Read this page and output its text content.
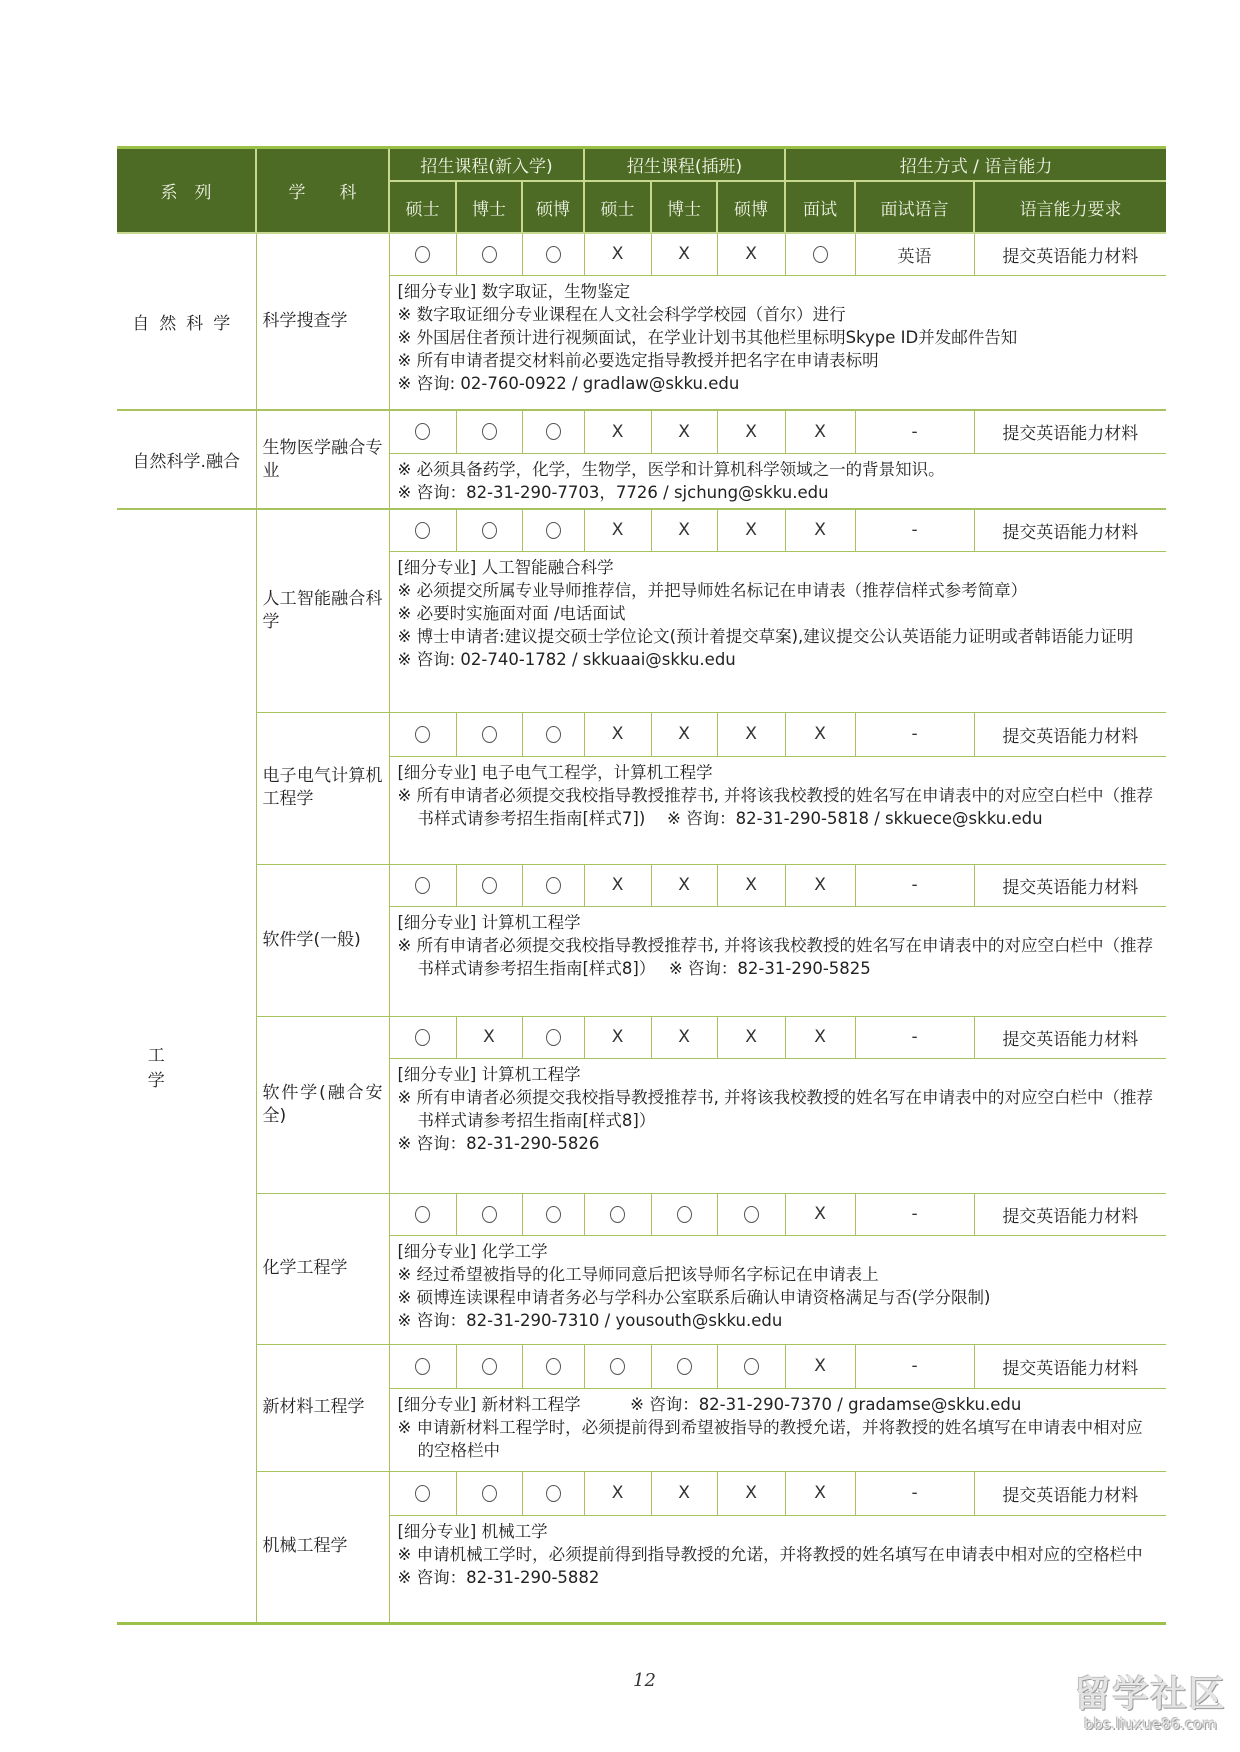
系　列	学　　科	招生课程(新入学)			招生课程(插班)			招生方式 / 语言能力		
		硕士	博士	硕博	硕士	博士	硕博	面试	面试语言	语言能力要求
自然科学	科学搜查学				X	X	X		英语	提交英语能力材料

		[细分专业] 数字取证，生物鉴定
※ 数字取证细分专业课程在人文社会科学学校园（首尔）进行
※ 外国居住者预计进行视频面试，在学业计划书其他栏里标明Skype ID并发邮件告知
※ 所有申请者提交材料前必要选定指导教授并把名字在申请表标明
※ 咨询: 02-760-0922 / gradlaw@skku.edu								

自然科学.融合	生物医学融合专业				X	X	X	X	-	提交英语能力材料

		※ 必须具备药学，化学，生物学，医学和计算机科学领域之一的背景知识。
※ 咨询：82-31-290-7703，7726 / sjchung@skku.edu								

工学	人工智能融合科学				X	X	X	X	-	提交英语能力材料

		[细分专业] 人工智能融合科学
※ 必须提交所属专业导师推荐信，并把导师姓名标记在申请表（推荐信样式参考简章）
※ 必要时实施面对面 /电话面试
※ 博士申请者:建议提交硕士学位论文(预计着提交草案),建议提交公认英语能力证明或者韩语能力证明
※ 咨询: 02-740-1782 / skkuaai@skku.edu								

	电子电气计算机工程学				X	X	X	X	-	提交英语能力材料

		[细分专业] 电子电气工程学，计算机工程学
※ 所有申请者必须提交我校指导教授推荐书, 并将该我校教授的姓名写在申请表中的对应空白栏中（推荐书样式请参考招生指南[样式7])　 ※ 咨询：82-31-290-5818 / skkuece@skku.edu								

	软件学(一般)				X	X	X	X	-	提交英语能力材料

		[细分专业] 计算机工程学
※ 所有申请者必须提交我校指导教授推荐书, 并将该我校教授的姓名写在申请表中的对应空白栏中（推荐书样式请参考招生指南[样式8]）　 ※ 咨询：82-31-290-5825								

	软件学(融合安全)		X		X	X	X	X	-	提交英语能力材料

		[细分专业] 计算机工程学
※ 所有申请者必须提交我校指导教授推荐书, 并将该我校教授的姓名写在申请表中的对应空白栏中（推荐书样式请参考招生指南[样式8]）
※ 咨询：82-31-290-5826								

	化学工程学							X	-	提交英语能力材料

		[细分专业] 化学工学
※ 经过希望被指导的化工导师同意后把该导师名字标记在申请表上
※ 硕博连读课程申请者务必与学科办公室联系后确认申请资格满足与否(学分限制)
※ 咨询：82-31-290-7310 / yousouth@skku.edu								

	新材料工程学							X	-	提交英语能力材料

		[细分专业] 新材料工程学　　　※ 咨询：82-31-290-7370 / gradamse@skku.edu
※ 申请新材料工程学时，必须提前得到希望被指导的教授允诺，并将教授的姓名填写在申请表中相对应的空格栏中								

	机械工程学				X	X	X	X	-	提交英语能力材料

		[细分专业] 机械工学
※ 申请机械工学时，必须提前得到指导教授的允诺，并将教授的姓名填写在申请表中相对应的空格栏中
※ 咨询：82-31-290-5882								
12	留学社区
bbs.liuxue86.com
